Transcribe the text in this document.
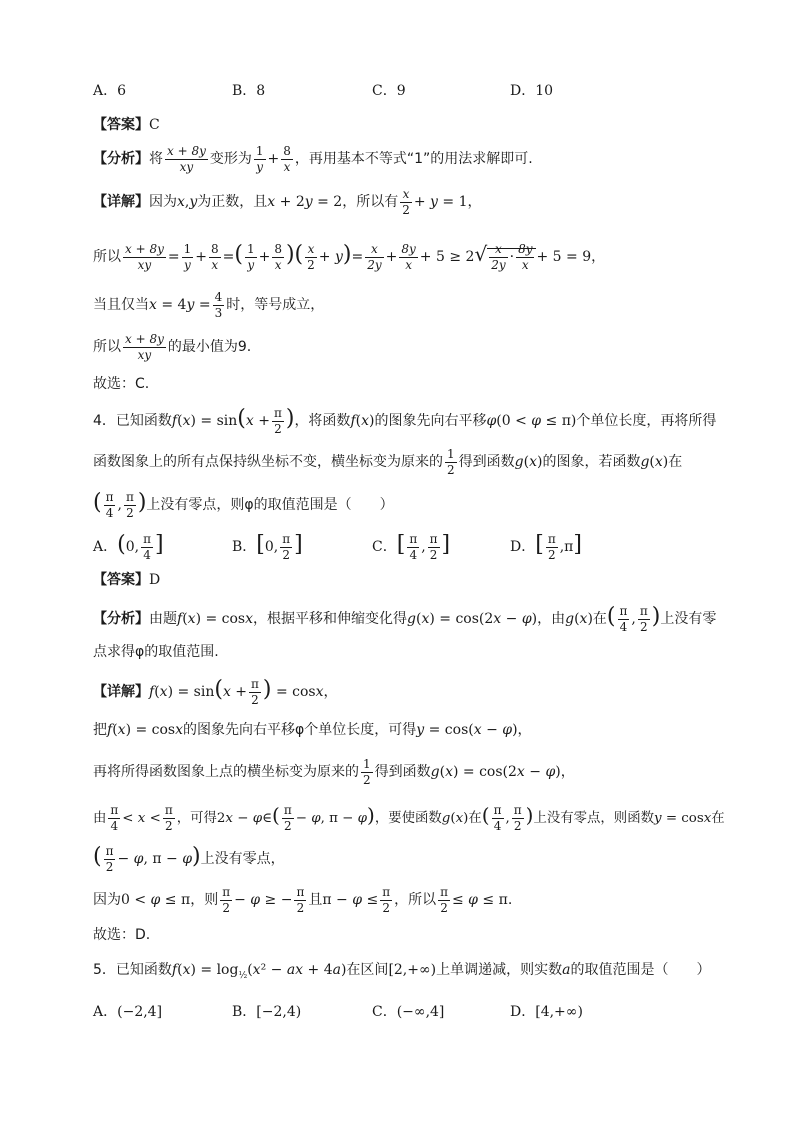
A．6	B．8	C．9	D．10
【答案】C
【分析】将 $\frac{x + 8y}{xy}$ 变形为 $\frac{1}{y} + \frac{8}{x}$ ，再用基本不等式“1”的用法求解即可.
【详解】因为x,y为正数，且x + 2y = 2，所以有 $\frac{x}{2} + y = 1$，
所以 $\frac{x + 8y}{xy} = \frac{1}{y} + \frac{8}{x}$ =( $\frac{1}{y} + \frac{8}{x}$ )( $\frac{x}{2} + y)= \frac{x}{2y} + \frac{8y}{x} + 5 \ge 2√ \frac{x}{2y} \cdot \frac{8y}{x} + 5 = 9$，
当且仅当$x = 4y = \frac{4}{3}$ 时，等号成立，
所以 $\frac{x + 8y}{xy}$ 的最小值为9.
故选：C.
4．已知函数$f(x) = \sin(x + \frac{\pi}{2}$ )，将函数f(x)的图象先向右平移φ(0 < φ ≤ π)个单位长度，再将所得
函数图象上的所有点保持纵坐标不变，横坐标变为原来的 $\frac{1}{2}$ 得到函数g(x)的图象，若函数g(x)在
( $\frac{\pi}{4}$ , $\frac{\pi}{2}$ )上没有零点，则φ的取值范围是（　　）
A．(0, $\frac{\pi}{4}$ ]	B．[0, $\frac{\pi}{2}$ ]	C．[ $\frac{\pi}{4}$ , $\frac{\pi}{2}$ ]	D．[ $\frac{\pi}{2} ,\pi$]
【答案】D
【分析】由题f(x) = cosx，根据平移和伸缩变化得g(x) = cos(2x − φ)，由g(x)在( $\frac{\pi}{4}$ , $\frac{\pi}{2}$ )上没有零
点求得φ的取值范围.
【详解】$f(x) = \sin(x + \frac{\pi}{2}$ ) = cosx，
把f(x) = cosx的图象先向右平移φ个单位长度，可得y = cos(x − φ)，
再将所得函数图象上点的横坐标变为原来的 $\frac{1}{2}$ 得到函数g(x) = cos(2x − φ)，
由 $\frac{\pi}{4} < x < \frac{\pi}{2}$ ，可得2x − φ∈( $\frac{\pi}{2} - \varphi$, π − φ)，要使函数g(x)在( $\frac{\pi}{4}$ , $\frac{\pi}{2}$ )上没有零点，则函数y = cosx在
( $\frac{\pi}{2} - \varphi$, π − φ)上没有零点，
因为0 < φ ≤ π，则 $\frac{\pi}{2} - \varphi$ ≥ − $\frac{\pi}{2}$ 且$\pi - \varphi \le \frac{\pi}{2}$ ，所以 $\frac{\pi}{2} \le \varphi \le \pi$.
故选：D.
5．已知函数$f(x) = \log_{\frac{1}{2}}(x^2$ − ax + 4a)在区间[2,+∞)上单调递减，则实数a的取值范围是（　　）
A．(−2,4]	B．[−2,4)	C．(−∞,4]	D．[4,+∞)
